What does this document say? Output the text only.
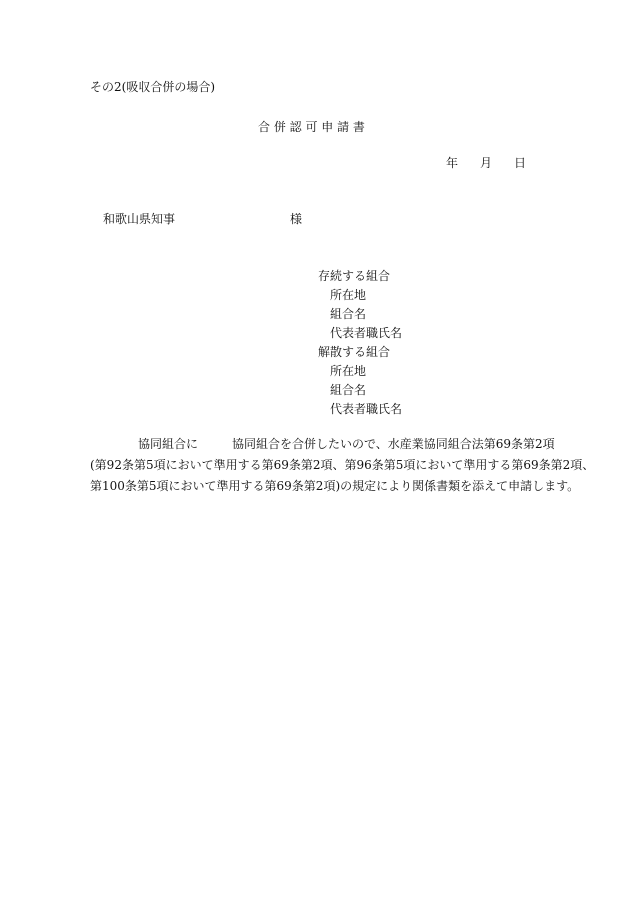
その2(吸収合併の場合)

合 併 認 可 申 請 書

年 月 日

和歌山県知事	様

存続する組合
所在地
組合名
代表者職氏名
解散する組合
所在地
組合名
代表者職氏名
協同組合に	協同組合を合併したいので、水産業協同組合法第69条第2項
(第92条第5項において準用する第69条第2項、第96条第5項において準用する第69条第2項、
第100条第5項において準用する第69条第2項)の規定により関係書類を添えて申請します。
